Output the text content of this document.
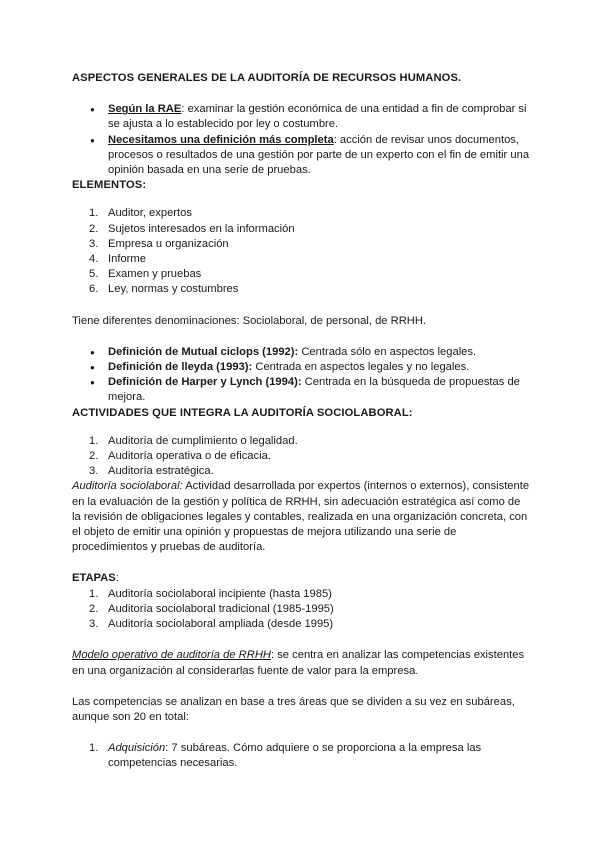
ASPECTOS GENERALES DE LA AUDITORÍA DE RECURSOS HUMANOS.
● Según la RAE: examinar la gestión económica de una entidad a fin de comprobar si se ajusta a lo establecido por ley o costumbre.
● Necesitamos una definición más completa: acción de revisar unos documentos, procesos o resultados de una gestión por parte de un experto con el fin de emitir una opinión basada en una serie de pruebas.
ELEMENTOS:
1. Auditor, expertos
2. Sujetos interesados en la información
3. Empresa u organización
4. Informe
5. Examen y pruebas
6. Ley, normas y costumbres

Tiene diferentes denominaciones: Sociolaboral, de personal, de RRHH.

● Definición de Mutual ciclops (1992): Centrada sólo en aspectos legales.
● Definición de lleyda (1993): Centrada en aspectos legales y no legales.
● Definición de Harper y Lynch (1994): Centrada en la búsqueda de propuestas de mejora.
ACTIVIDADES QUE INTEGRA LA AUDITORÍA SOCIOLABORAL:
1. Auditoría de cumplimiento o legalidad.
2. Auditoría operativa o de eficacia.
3. Auditoría estratégica.

Auditoría sociolaboral: Actividad desarrollada por expertos (internos o externos), consistente en la evaluación de la gestión y política de RRHH, sin adecuación estratégica así como de la revisión de obligaciones legales y contables, realizada en una organización concreta, con el objeto de emitir una opinión y propuestas de mejora utilizando una serie de procedimientos y pruebas de auditoría.

ETAPAS:
1. Auditoría sociolaboral incipiente (hasta 1985)
2. Auditoría sociolaboral tradicional (1985-1995)
3. Auditoría sociolaboral ampliada (desde 1995)

Modelo operativo de auditoría de RRHH: se centra en analizar las competencias existentes en una organización al considerarlas fuente de valor para la empresa.

Las competencias se analizan en base a tres áreas que se dividen a su vez en subáreas, aunque son 20 en total:

1. Adquisición: 7 subáreas. Cómo adquiere o se proporciona a la empresa las competencias necesarias.
